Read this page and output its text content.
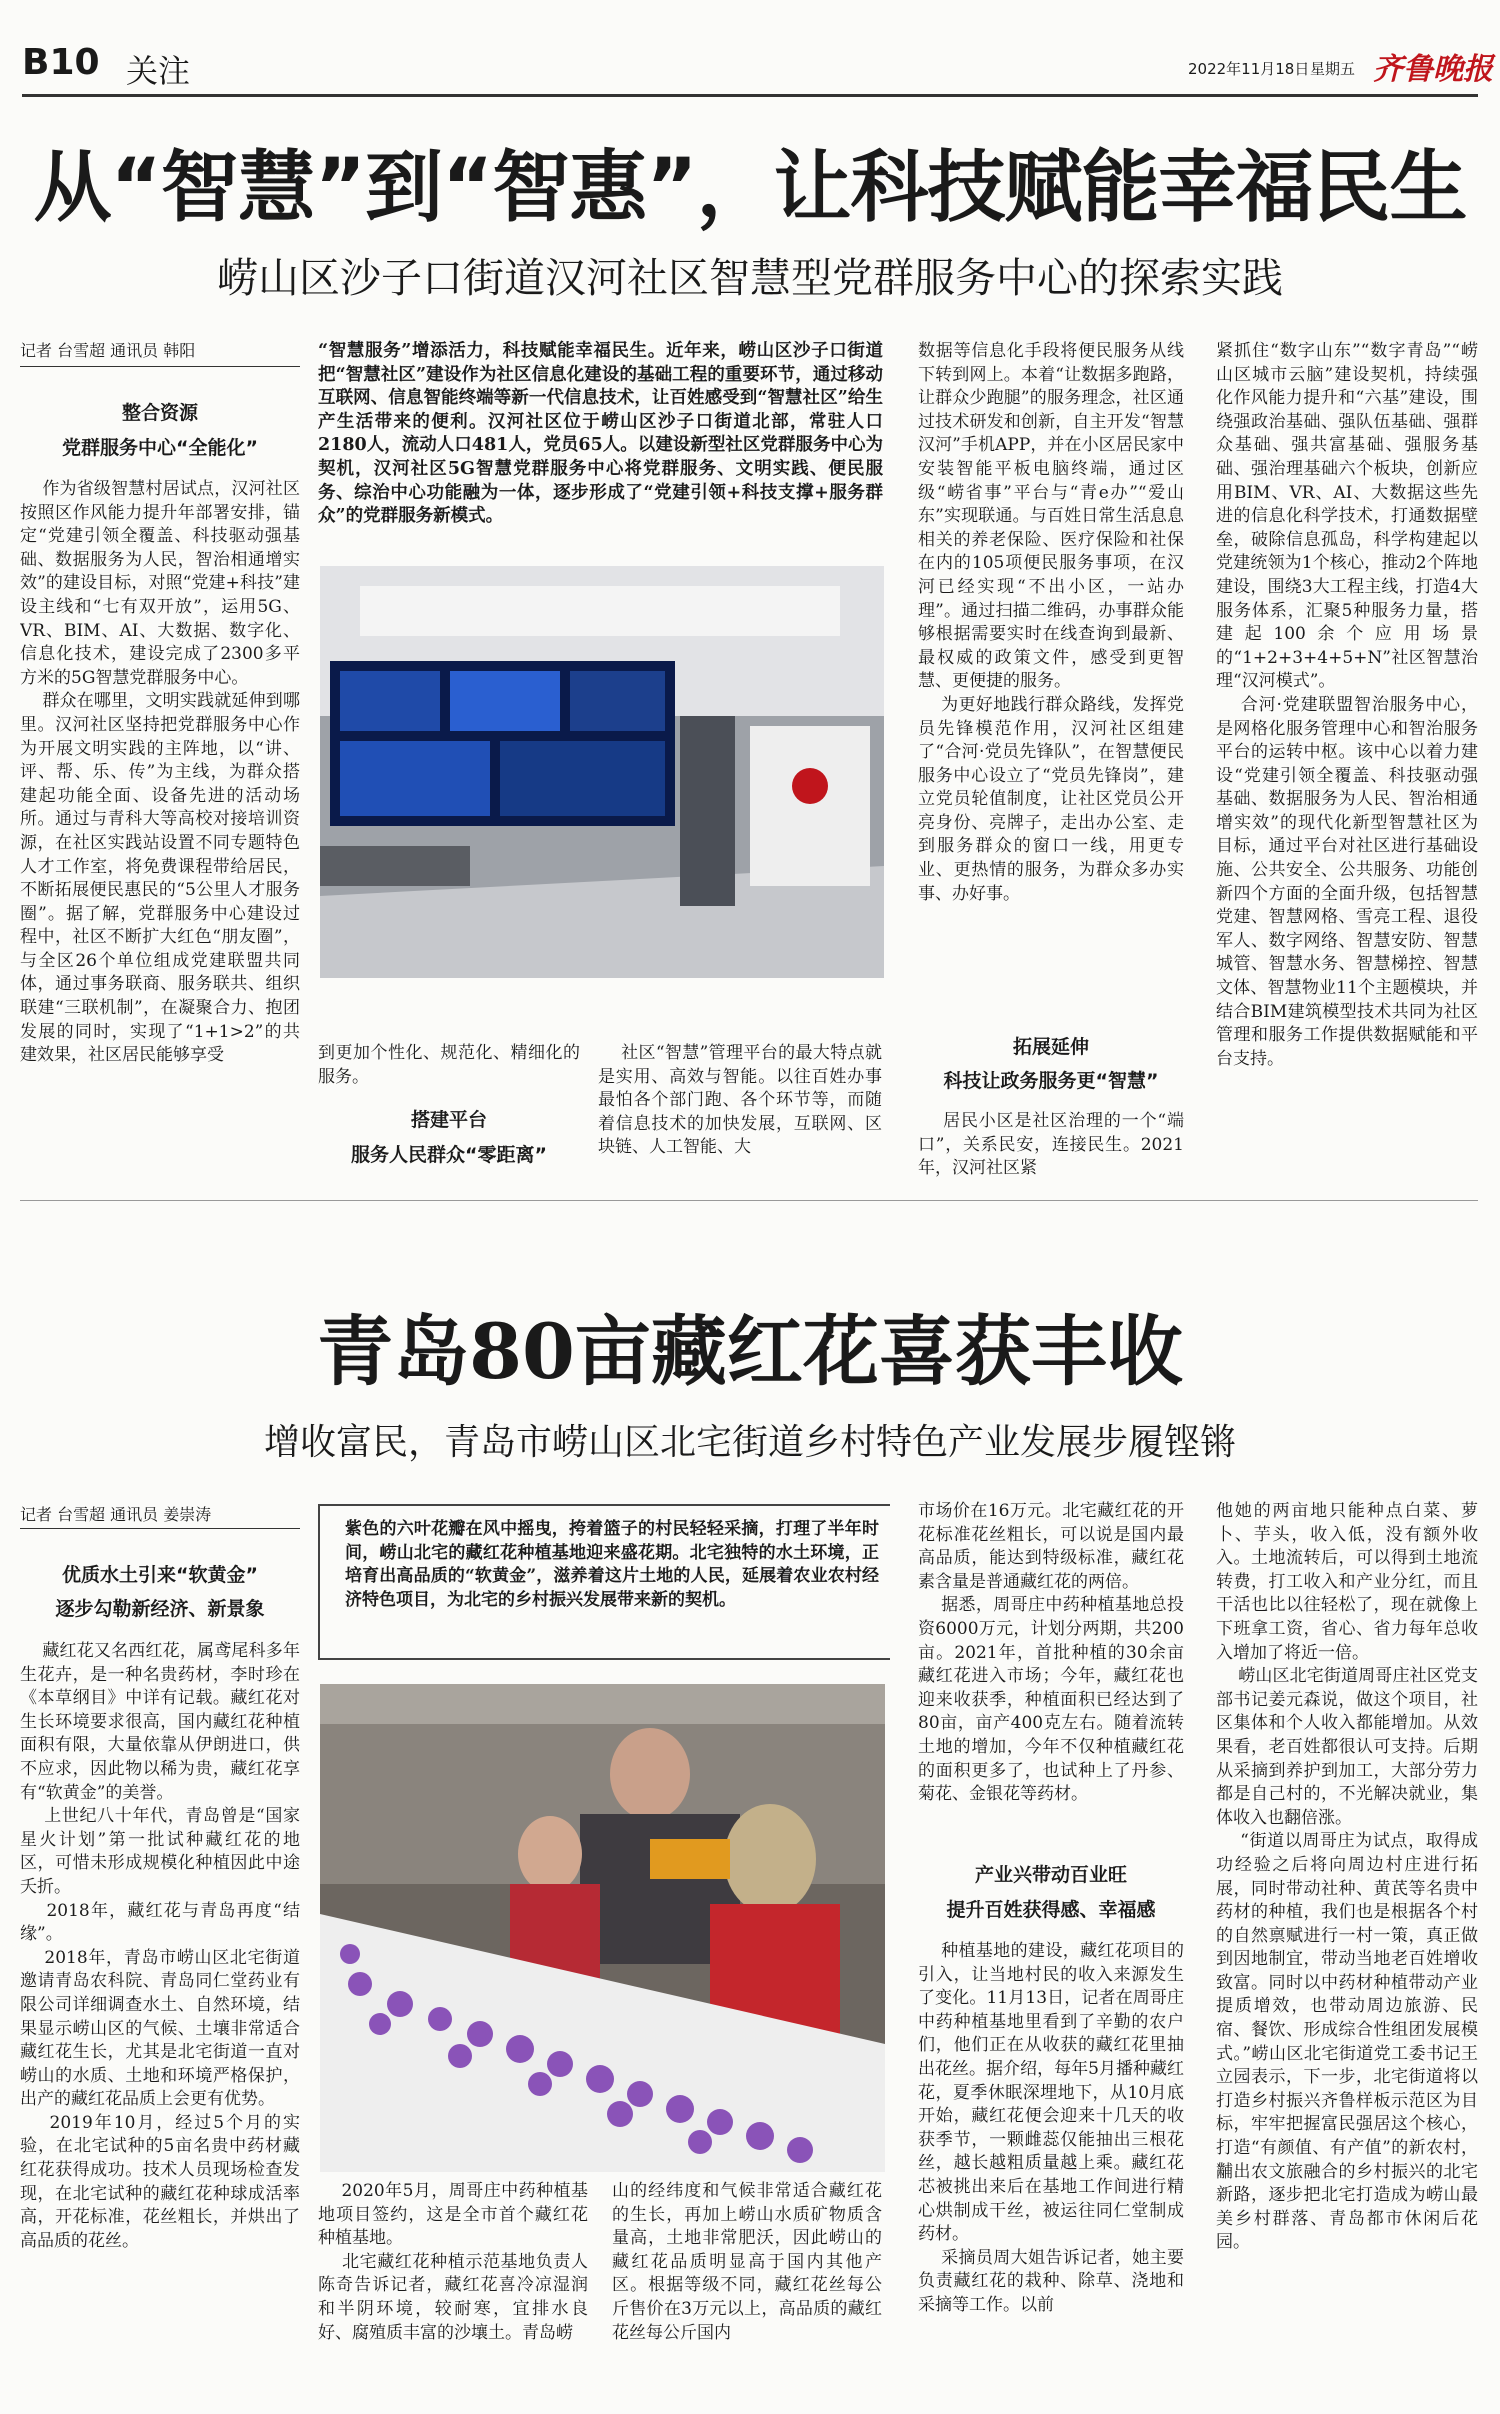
B10 关注	2022年11月18日 星期五 齐鲁晚报
从“智慧”到“智惠”，让科技赋能幸福民生
崂山区沙子口街道汉河社区智慧型党群服务中心的探索实践
记者 台雪超 通讯员 韩阳
整合资源
党群服务中心“全能化”
作为省级智慧村居试点，汉河社区按照区作风能力提升年部署安排，锚定“党建引领全覆盖、科技驱动强基础、数据服务为人民，智治相通增实效”的建设目标，对照“党建+科技”建设主线和“七有双开放”，运用5G、VR、BIM、AI、大数据、数字化、信息化技术，建设完成了2300多平方米的5G智慧党群服务中心。
群众在哪里，文明实践就延伸到哪里。汉河社区坚持把党群服务中心作为开展文明实践的主阵地，以“讲、评、帮、乐、传”为主线，为群众搭建起功能全面、设备先进的活动场所。通过与青科大等高校对接培训资源，在社区实践站设置不同专题特色人才工作室，将免费课程带给居民，不断拓展便民惠民的“5公里人才服务圈”。据了解，党群服务中心建设过程中，社区不断扩大红色“朋友圈”，与全区26个单位组成党建联盟共同体，通过事务联商、服务联共、组织联建“三联机制”，在凝聚合力、抱团发展的同时，实现了“1+1>2”的共建效果，社区居民能够享受
“智慧服务”增添活力，科技赋能幸福民生。近年来，崂山区沙子口街道把“智慧社区”建设作为社区信息化建设的基础工程的重要环节，通过移动互联网、信息智能终端等新一代信息技术，让百姓感受到“智慧社区”给生产生活带来的便利。汉河社区位于崂山区沙子口街道北部，常驻人口2180人，流动人口481人，党员65人。以建设新型社区党群服务中心为契机，汉河社区5G智慧党群服务中心将党群服务、文明实践、便民服务、综治中心功能融为一体，逐步形成了“党建引领+科技支撑+服务群众”的党群服务新模式。
到更加个性化、规范化、精细化的服务。
搭建平台
服务人民群众“零距离”
社区“智慧”管理平台的最大特点就是实用、高效与智能。以往百姓办事最怕各个部门跑、各个环节等，而随着信息技术的加快发展，互联网、区块链、人工智能、大
数据等信息化手段将便民服务从线下转到网上。本着“让数据多跑路，让群众少跑腿”的服务理念，社区通过技术研发和创新，自主开发“智慧汉河”手机APP，并在小区居民家中安装智能平板电脑终端，通过区级“崂省事”平台与“青e办”“爱山东”实现联通。与百姓日常生活息息相关的养老保险、医疗保险和社保在内的105项便民服务事项，在汉河已经实现“不出小区，一站办理”。通过扫描二维码，办事群众能够根据需要实时在线查询到最新、最权威的政策文件，感受到更智慧、更便捷的服务。
为更好地践行群众路线，发挥党员先锋模范作用，汉河社区组建了“合河·党员先锋队”，在智慧便民服务中心设立了“党员先锋岗”，建立党员轮值制度，让社区党员公开亮身份、亮牌子，走出办公室、走到服务群众的窗口一线，用更专业、更热情的服务，为群众多办实事、办好事。
拓展延伸
科技让政务服务更“智慧”
居民小区是社区治理的一个“端口”，关系民安，连接民生。2021年，汉河社区紧
紧抓住“数字山东”“数字青岛”“崂山区城市云脑”建设契机，持续强化作风能力提升和“六基”建设，围绕强政治基础、强队伍基础、强群众基础、强共富基础、强服务基础、强治理基础六个板块，创新应用BIM、VR、AI、大数据这些先进的信息化科学技术，打通数据壁垒，破除信息孤岛，科学构建起以党建统领为1个核心，推动2个阵地建设，围绕3大工程主线，打造4大服务体系，汇聚5种服务力量，搭建起100余个应用场景的“1+2+3+4+5+N”社区智慧治理“汉河模式”。
合河·党建联盟智治服务中心，是网格化服务管理中心和智治服务平台的运转中枢。该中心以着力建设“党建引领全覆盖、科技驱动强基础、数据服务为人民、智治相通增实效”的现代化新型智慧社区为目标，通过平台对社区进行基础设施、公共安全、公共服务、功能创新四个方面的全面升级，包括智慧党建、智慧网格、雪亮工程、退役军人、数字网络、智慧安防、智慧城管、智慧水务、智慧梯控、智慧文体、智慧物业11个主题模块，并结合BIM建筑模型技术共同为社区管理和服务工作提供数据赋能和平台支持。
青岛80亩藏红花喜获丰收
增收富民，青岛市崂山区北宅街道乡村特色产业发展步履铿锵
记者 台雪超 通讯员 姜崇涛
优质水土引来“软黄金”
逐步勾勒新经济、新景象
藏红花又名西红花，属鸢尾科多年生花卉，是一种名贵药材，李时珍在《本草纲目》中详有记载。藏红花对生长环境要求很高，国内藏红花种植面积有限，大量依靠从伊朗进口，供不应求，因此物以稀为贵，藏红花享有“软黄金”的美誉。
上世纪八十年代，青岛曾是“国家星火计划”第一批试种藏红花的地区，可惜未形成规模化种植因此中途夭折。
2018年，藏红花与青岛再度“结缘”。
2018年，青岛市崂山区北宅街道邀请青岛农科院、青岛同仁堂药业有限公司详细调查水土、自然环境，结果显示崂山区的气候、土壤非常适合藏红花生长，尤其是北宅街道一直对崂山的水质、土地和环境严格保护，出产的藏红花品质上会更有优势。
2019年10月，经过5个月的实验，在北宅试种的5亩名贵中药材藏红花获得成功。技术人员现场检查发现，在北宅试种的藏红花种球成活率高，开花标准，花丝粗长，并烘出了高品质的花丝。
紫色的六叶花瓣在风中摇曳，挎着篮子的村民轻轻采摘，打理了半年时间，崂山北宅的藏红花种植基地迎来盛花期。北宅独特的水土环境，正培育出高品质的“软黄金”，滋养着这片土地的人民，延展着农业农村经济特色项目，为北宅的乡村振兴发展带来新的契机。
2020年5月，周哥庄中药种植基地项目签约，这是全市首个藏红花种植基地。
北宅藏红花种植示范基地负责人陈奇告诉记者，藏红花喜冷凉湿润和半阴环境，较耐寒，宜排水良好、腐殖质丰富的沙壤土。青岛崂
山的经纬度和气候非常适合藏红花的生长，再加上崂山水质矿物质含量高，土地非常肥沃，因此崂山的藏红花品质明显高于国内其他产区。根据等级不同，藏红花丝每公斤售价在3万元以上，高品质的藏红花丝每公斤国内
市场价在16万元。北宅藏红花的开花标准花丝粗长，可以说是国内最高品质，能达到特级标准，藏红花素含量是普通藏红花的两倍。
据悉，周哥庄中药种植基地总投资6000万元，计划分两期，共200亩。2021年，首批种植的30余亩藏红花进入市场；今年，藏红花也迎来收获季，种植面积已经达到了80亩，亩产400克左右。随着流转土地的增加，今年不仅种植藏红花的面积更多了，也试种上了丹参、菊花、金银花等药材。
产业兴带动百业旺
提升百姓获得感、幸福感
种植基地的建设，藏红花项目的引入，让当地村民的收入来源发生了变化。11月13日，记者在周哥庄中药种植基地里看到了辛勤的农户们，他们正在从收获的藏红花里抽出花丝。据介绍，每年5月播种藏红花，夏季休眠深埋地下，从10月底开始，藏红花便会迎来十几天的收获季节，一颗雌蕊仅能抽出三根花丝，越长越粗质量越上乘。藏红花芯被挑出来后在基地工作间进行精心烘制成干丝，被运往同仁堂制成药材。
采摘员周大姐告诉记者，她主要负责藏红花的栽种、除草、浇地和采摘等工作。以前
他她的两亩地只能种点白菜、萝卜、芋头，收入低，没有额外收入。土地流转后，可以得到土地流转费，打工收入和产业分红，而且干活也比以往轻松了，现在就像上下班拿工资，省心、省力每年总收入增加了将近一倍。
崂山区北宅街道周哥庄社区党支部书记姜元森说，做这个项目，社区集体和个人收入都能增加。从效果看，老百姓都很认可支持。后期从采摘到养护到加工，大部分劳力都是自己村的，不光解决就业，集体收入也翻倍涨。
“街道以周哥庄为试点，取得成功经验之后将向周边村庄进行拓展，同时带动社种、黄芪等名贵中药材的种植，我们也是根据各个村的自然禀赋进行一村一策，真正做到因地制宜，带动当地老百姓增收致富。同时以中药材种植带动产业提质增效，也带动周边旅游、民宿、餐饮、形成综合性组团发展模式。”崂山区北宅街道党工委书记王立园表示，下一步，北宅街道将以打造乡村振兴齐鲁样板示范区为目标，牢牢把握富民强居这个核心，打造“有颜值、有产值”的新农村，黼出农文旅融合的乡村振兴的北宅新路，逐步把北宅打造成为崂山最美乡村群落、青岛都市休闲后花园。
